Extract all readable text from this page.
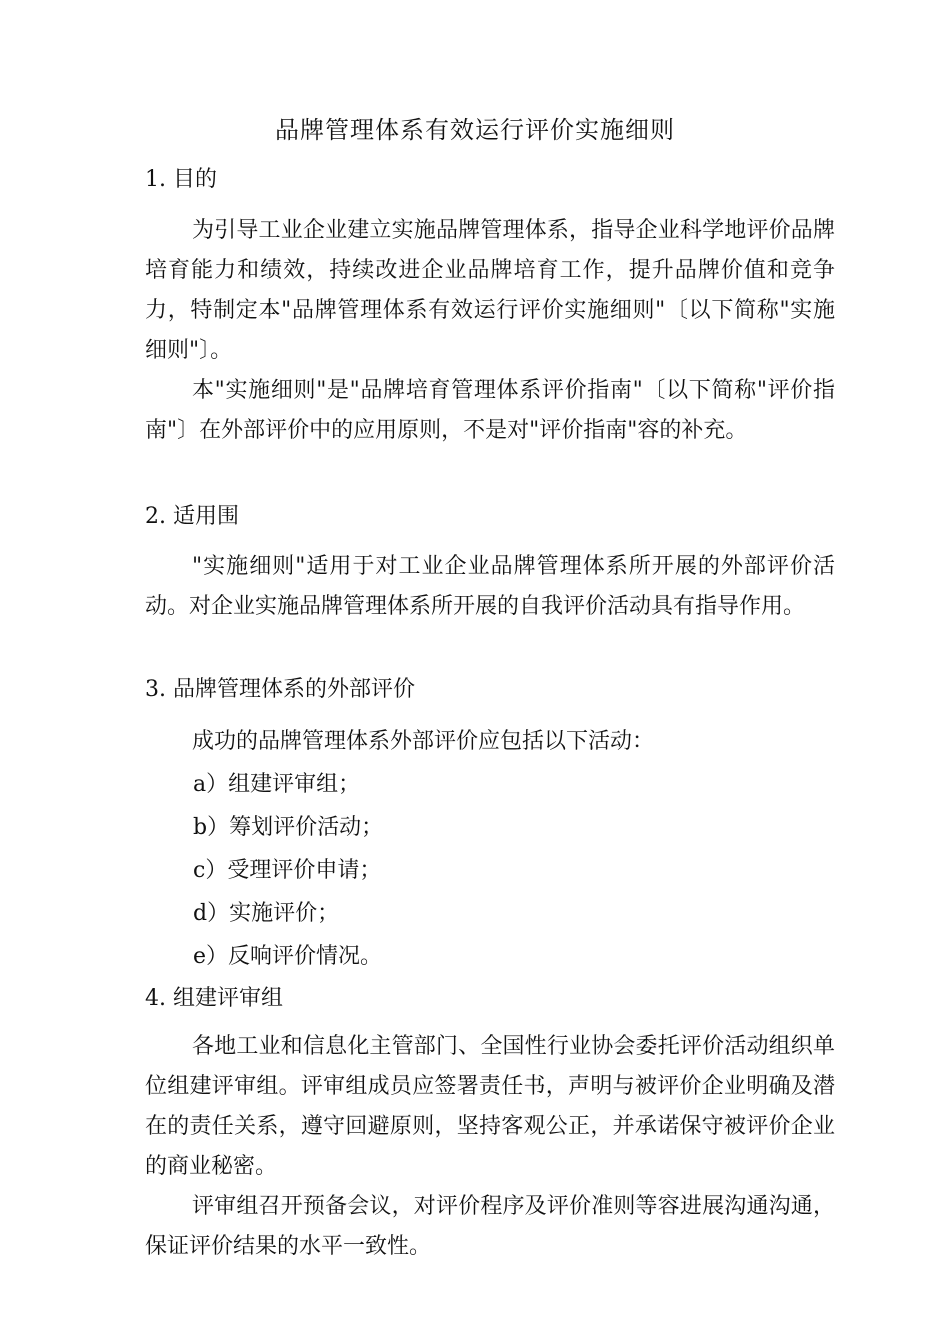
品牌管理体系有效运行评价实施细则
1. 目的
为引导工业企业建立实施品牌管理体系，指导企业科学地评价品牌培育能力和绩效，持续改进企业品牌培育工作，提升品牌价值和竞争力，特制定本"品牌管理体系有效运行评价实施细则"〔以下简称"实施细则"〕。
本"实施细则"是"品牌培育管理体系评价指南"〔以下简称"评价指南"〕在外部评价中的应用原则，不是对"评价指南"容的补充。
2. 适用围
"实施细则"适用于对工业企业品牌管理体系所开展的外部评价活动。对企业实施品牌管理体系所开展的自我评价活动具有指导作用。
3. 品牌管理体系的外部评价
成功的品牌管理体系外部评价应包括以下活动：
a）组建评审组；
b）筹划评价活动；
c）受理评价申请；
d）实施评价；
e）反响评价情况。
4. 组建评审组
各地工业和信息化主管部门、全国性行业协会委托评价活动组织单位组建评审组。评审组成员应签署责任书，声明与被评价企业明确及潜在的责任关系，遵守回避原则，坚持客观公正，并承诺保守被评价企业的商业秘密。
评审组召开预备会议，对评价程序及评价准则等容进展沟通沟通，保证评价结果的水平一致性。
